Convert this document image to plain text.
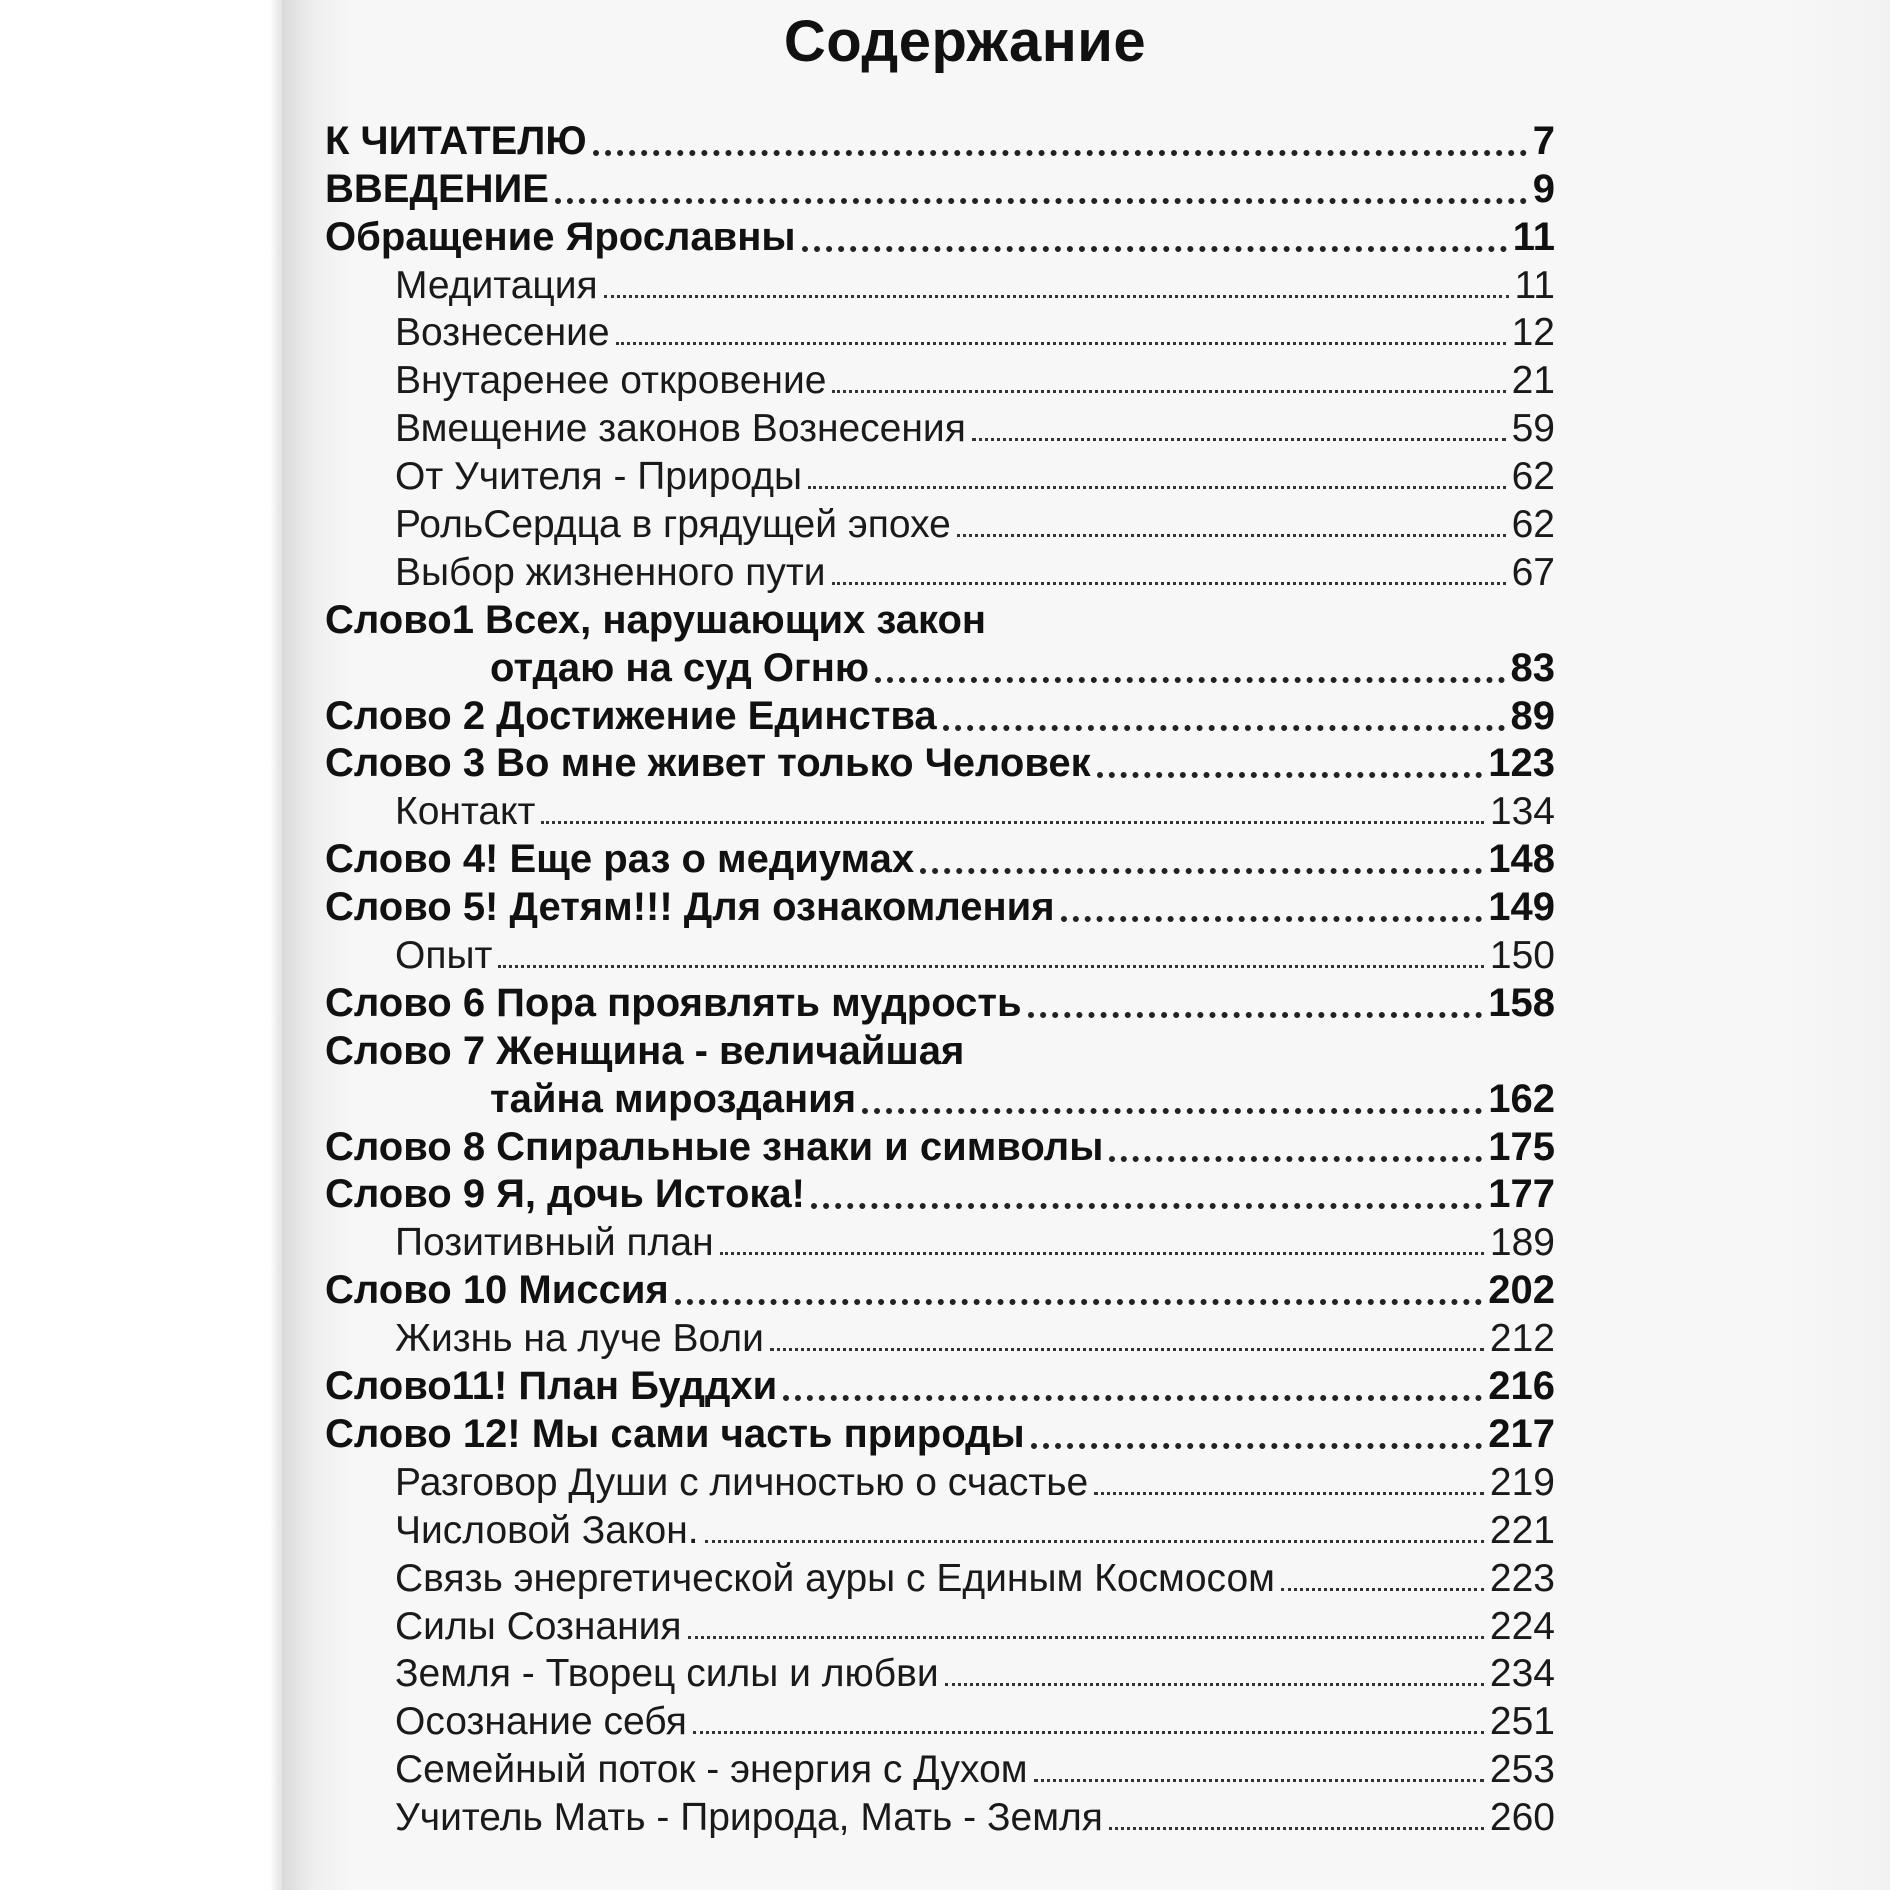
Содержание
К ЧИТАТЕЛЮ	7
ВВЕДЕНИЕ	9
Обращение Ярославны	11
Медитация	11
Вознесение	12
Внутаренее откровение	21
Вмещение законов Вознесения	59
От Учителя - Природы	62
РольСердца в грядущей эпохе	62
Выбор жизненного пути	67
Слово1 Всех, нарушающих закон
отдаю на суд Огню	83
Слово 2 Достижение Единства	89
Слово 3 Во мне живет только Человек	123
Контакт	134
Слово 4! Еще раз о медиумах	148
Слово 5! Детям!!! Для ознакомления	149
Опыт	150
Слово 6 Пора проявлять мудрость	158
Слово 7 Женщина - величайшая
тайна мироздания	162
Слово 8 Спиральные знаки и символы	175
Слово 9 Я, дочь Истока!	177
Позитивный план	189
Слово 10 Миссия	202
Жизнь на луче Воли	212
Слово11! План Буддхи	216
Слово 12! Мы сами часть природы	217
Разговор Души с личностью о счастье	219
Числовой Закон.	221
Связь энергетической ауры с Единым Космосом	223
Силы Сознания	224
Земля - Творец силы и любви	234
Осознание себя	251
Семейный поток - энергия с Духом	253
Учитель Мать - Природа, Мать - Земля	260
